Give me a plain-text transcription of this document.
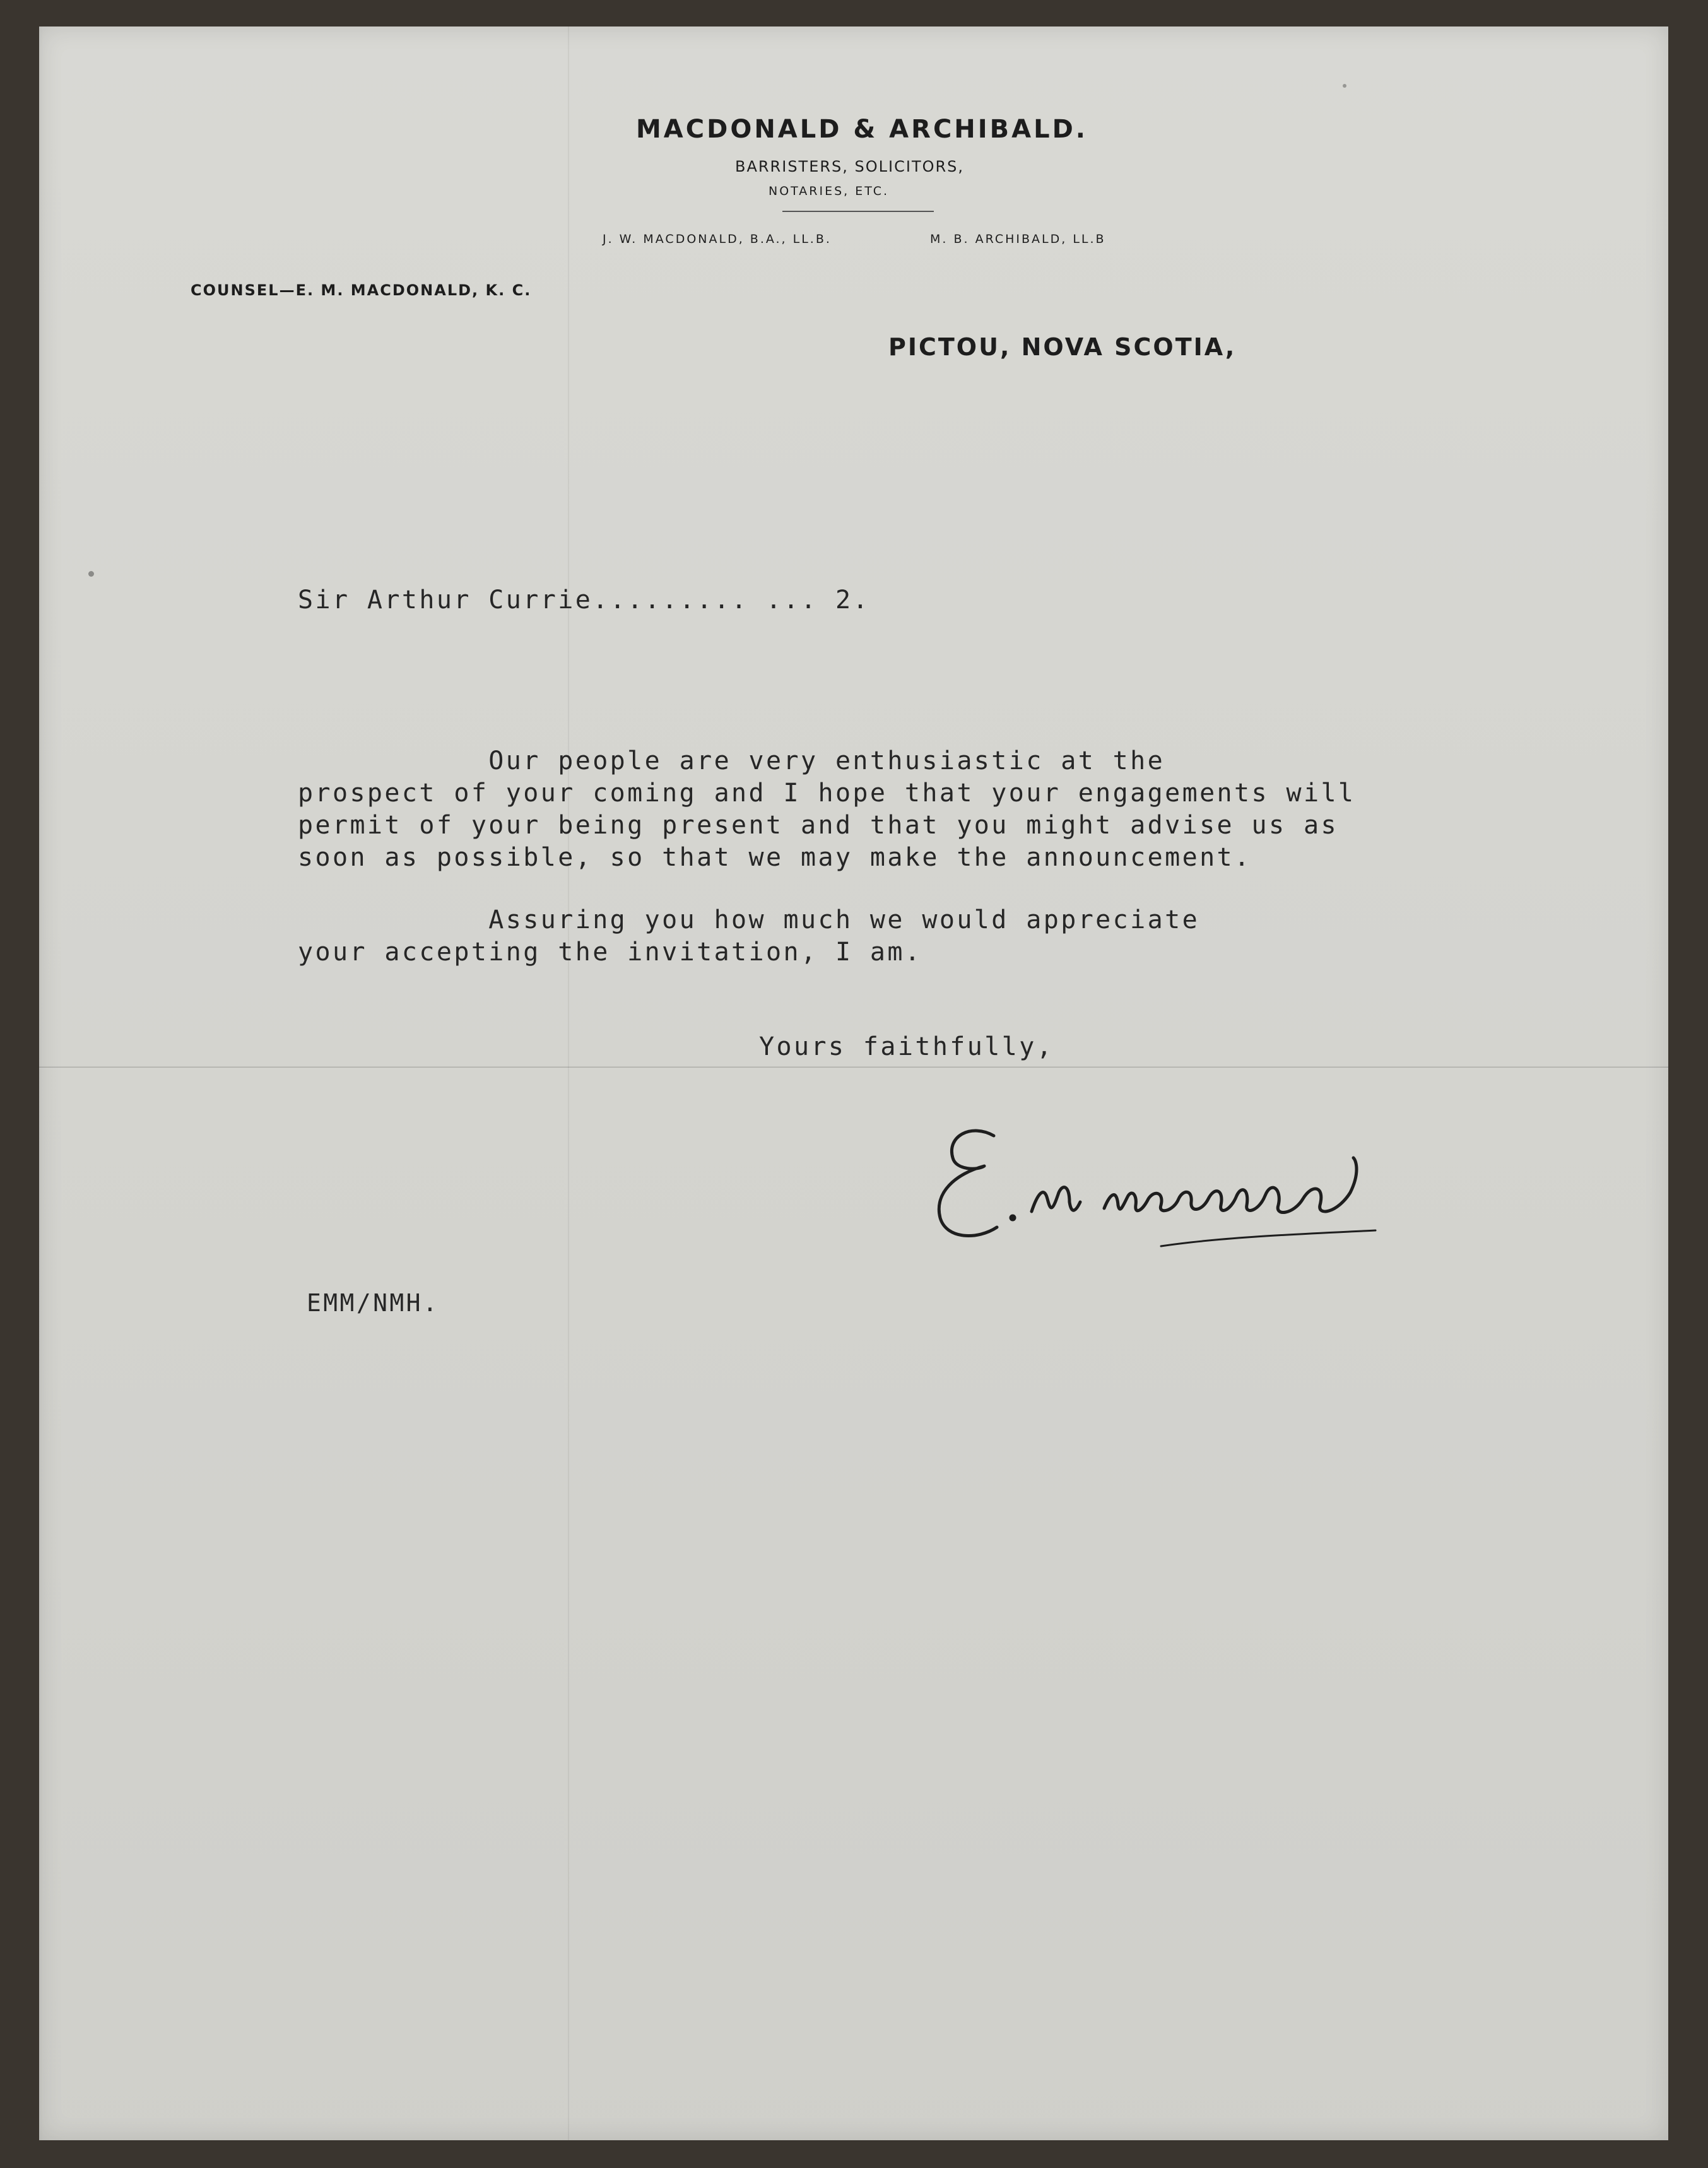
MACDONALD & ARCHIBALD.
BARRISTERS, SOLICITORS,
NOTARIES, ETC.
J. W. MACDONALD, B.A., LL.B.	M. B. ARCHIBALD, LL.B
COUNSEL—E. M. MACDONALD, K. C.
PICTOU, NOVA SCOTIA,
Sir Arthur Currie......... ... 2.
Our people are very enthusiastic at the
prospect of your coming and I hope that your engagements will
permit of your being present and that you might advise us as
soon as possible, so that we may make the announcement.
Assuring you how much we would appreciate
your accepting the invitation, I am.
Yours faithfully,
EMM/NMH.
